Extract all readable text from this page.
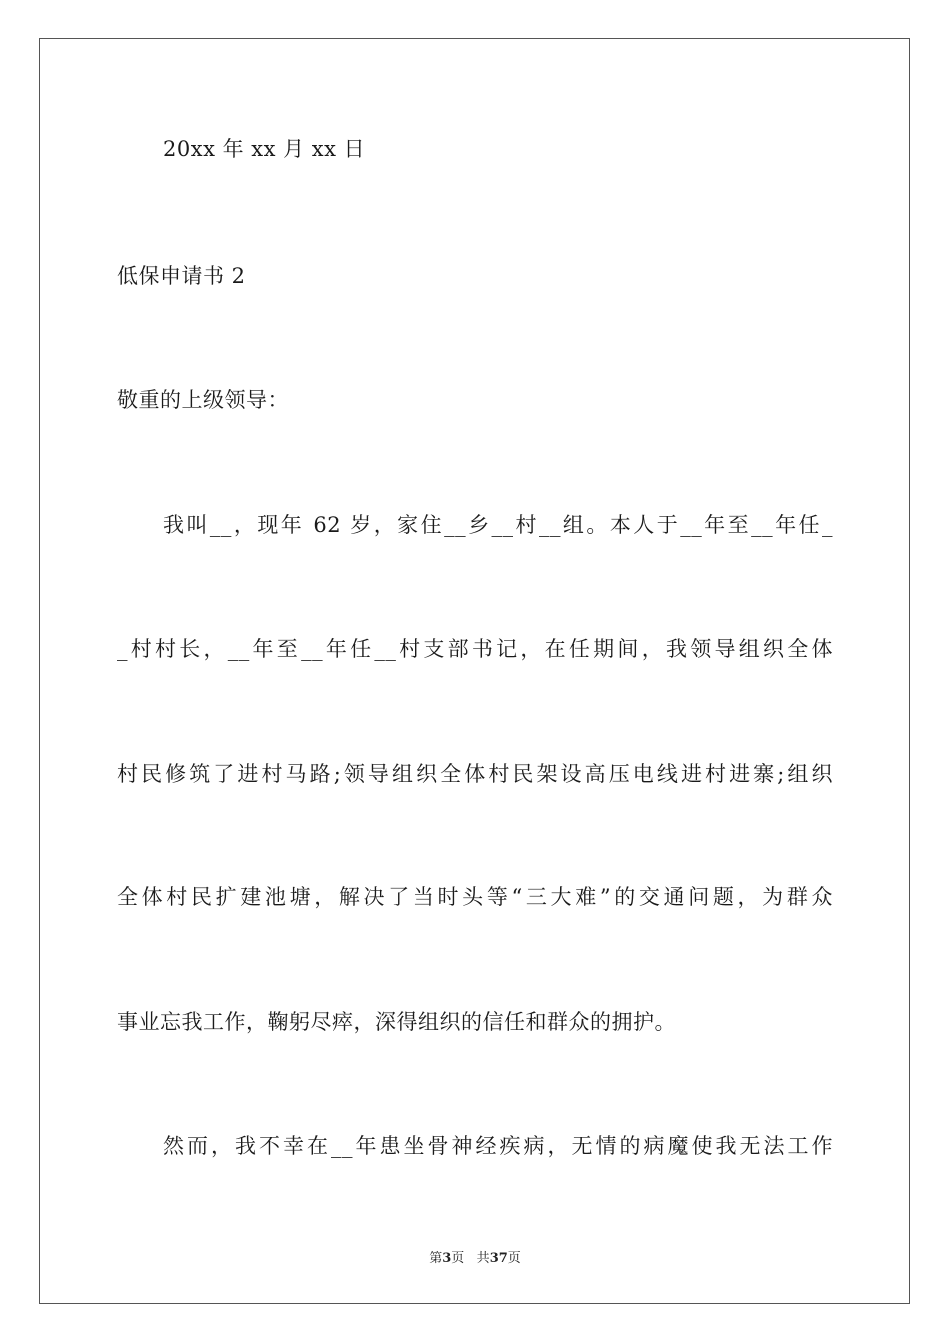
20xx 年 xx 月 xx 日
低保申请书 2
敬重的上级领导：
我叫__，现年 62 岁，家住__乡__村__组。本人于__年至__年任_
_村村长，__年至__年任__村支部书记，在任期间，我领导组织全体
村民修筑了进村马路;领导组织全体村民架设高压电线进村进寨;组织
全体村民扩建池塘，解决了当时头等“三大难”的交通问题，为群众
事业忘我工作，鞠躬尽瘁，深得组织的信任和群众的拥护。
然而，我不幸在__年患坐骨神经疾病，无情的病魔使我无法工作
第3页 共37页
